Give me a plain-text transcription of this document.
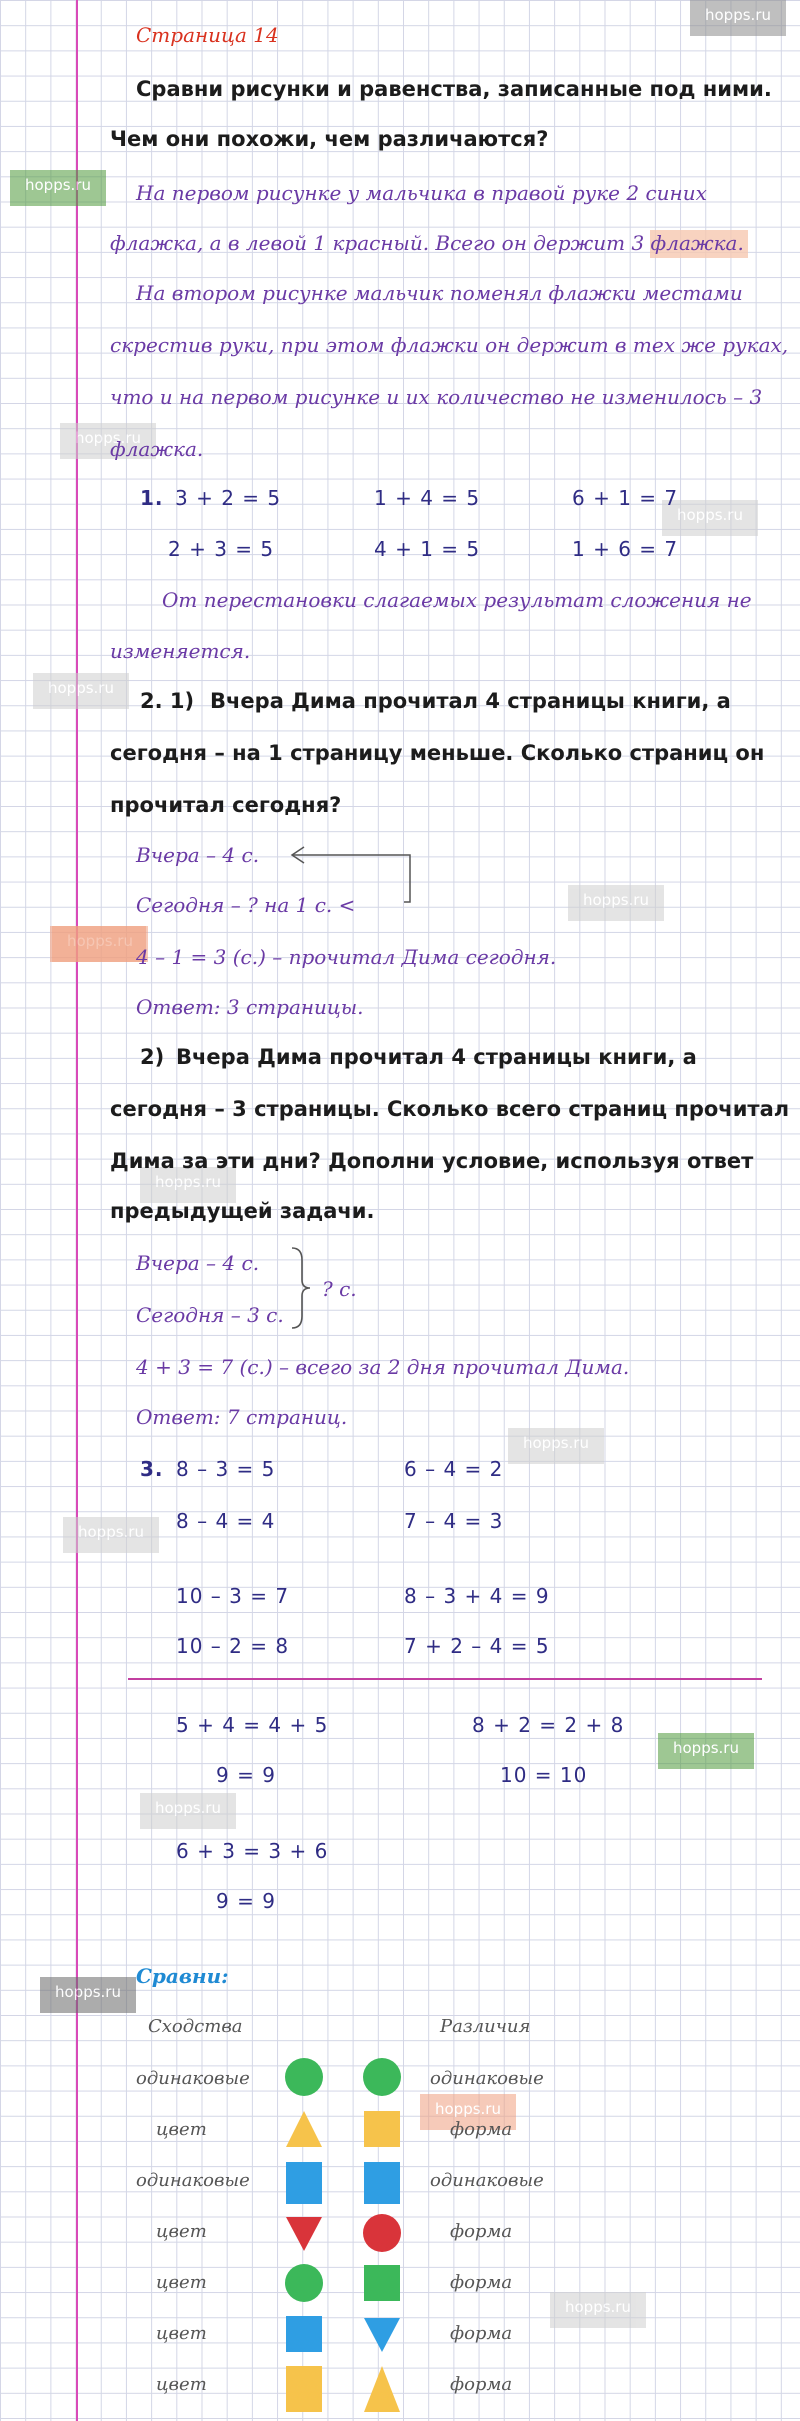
hopps.ru
hopps.ru
hopps.ru
hopps.ru
hopps.ru
hopps.ru
hopps.ru
hopps.ru
hopps.ru
hopps.ru
hopps.ru
hopps.ru
hopps.ru
hopps.ru
Страница 14
Сравни рисунки и равенства, записанные под ними.
Чем они похожи, чем различаются?
На первом рисунке у мальчика в правой руке 2 синих
флажка, а в левой 1 красный. Всего он держит 3 флажка.
На втором рисунке мальчик поменял флажки местами
скрестив руки, при этом флажки он держит в тех же руках,
что и на первом рисунке и их количество не изменилось – 3
флажка.
1. 3 + 2 = 5	1 + 4 = 5	6 + 1 = 7
2 + 3 = 5	4 + 1 = 5	1 + 6 = 7
От перестановки слагаемых результат сложения не
изменяется.
2. 1) Вчера Дима прочитал 4 страницы книги, а
сегодня – на 1 страницу меньше. Сколько страниц он
прочитал сегодня?
Вчера – 4 с.
Сегодня – ? на 1 с. <
4 – 1 = 3 (с.) – прочитал Дима сегодня.
Ответ: 3 страницы.
2) Вчера Дима прочитал 4 страницы книги, а
сегодня – 3 страницы. Сколько всего страниц прочитал
Дима за эти дни? Дополни условие, используя ответ
предыдущей задачи.
Вчера – 4 с.
Сегодня – 3 с.
? с.
4 + 3 = 7 (с.) – всего за 2 дня прочитал Дима.
Ответ: 7 страниц.
3. 8 – 3 = 5	6 – 4 = 2
8 – 4 = 4	7 – 4 = 3
10 – 3 = 7	8 – 3 + 4 = 9
10 – 2 = 8	7 + 2 – 4 = 5
5 + 4 = 4 + 5	8 + 2 = 2 + 8
9 = 9	10 = 10
6 + 3 = 3 + 6
9 = 9
Сравни:
Сходства	Различия
одинаковые	одинаковые
цвет	форма
одинаковые	одинаковые
цвет	форма
цвет	форма
цвет	форма
цвет	форма
